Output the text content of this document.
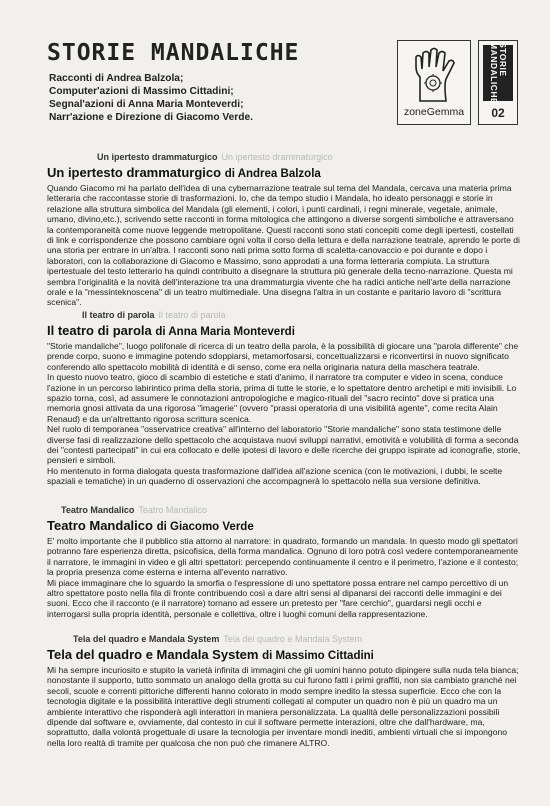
STORIE MANDALICHE
Racconti di Andrea Balzola;
Computer'azioni di Massimo Cittadini;
Segnal'azioni di Anna Maria Monteverdi;
Narr'azione e Direzione di Giacomo Verde.	zoneGemma
STORIE MANDALICHE
02
Un ipertesto drammaturgico Un ipertesto drammaturgico
Un ipertesto drammaturgico di Andrea Balzola

Quando Giacomo mi ha parlato dell'idea di una cybernarrazione teatrale sul tema del Mandala, cercava una materia prima letteraria che raccontasse storie di trasformazioni. Io, che da tempo studio i Mandala, ho ideato personaggi e storie in relazione alla struttura simbolica del Mandala (gli elementi, i colori, i punti cardinali, i regni minerale, vegetale, animale, umano, divino,etc.), scrivendo sette racconti in forma mitologica che attingono a diverse sorgenti simboliche e attraversano la contemporaneità come nuove leggende metropolitane. Questi racconti sono stati concepiti come degli ipertesti, costellati di link e corrispondenze che possono cambiare ogni volta il corso della lettura e della narrazione teatrale, aprendo le porte di una storia per entrare in un'altra. I racconti sono nati prima sotto forma di scaletta-canovaccio e poi durante e dopo i laboratori, con la collaborazione di Giacomo e Massimo, sono approdati a una forma letteraria compiuta. La struttura ipertestuale del testo letterario ha quindi contribuito a disegnare la struttura più generale della tecno-narrazione. Questa mi sembra l'originalità e la novità dell'interazione tra una drammaturgia vivente che ha radici antiche nell'arte della narrazione orale e la "messinteknoscena" di un teatro multimediale. Una disegna l'altra in un costante e paritario lavoro di "scrittura scenica".

Il teatro di parola Il teatro di parola
Il teatro di parola di Anna Maria Monteverdi

"Storie mandaliche", luogo polifonale di ricerca di un teatro della parola, è la possibilità di giocare una "parola differente" che prende corpo, suono e immagine potendo sdoppiarsi, metamorfosarsi, concettualizzarsi e riconvertirsi in nuovo significato conferendo allo spettacolo mobilità di identità e di senso, come era nella originaria natura della maschera teatrale.

In questo nuovo teatro, gioco di scambio di estetiche e stati d'animo, il narratore tra computer e video in scena, conduce l'azione in un percorso labirintico prima della storia, prima di tutte le storie, e lo spettatore dentro archetipi e miti invisibili. Lo spazio torna, così, ad assumere le connotazioni antropologiche e magico-rituali del "sacro recinto" dove si pratica una memoria gnosi attivata da una rigorosa "imagerie" (ovvero "prassi operatoria di una visibilità agente", come recita Alain Renaud) e da un'altrettanto rigorosa scrittura scenica.

Nel ruolo di temporanea "osservatrice creativa" all'interno del laboratorio "Storie mandaliche" sono stata testimone delle diverse fasi di realizzazione dello spettacolo che acquistava nuovi sviluppi narrativi, emotività e volubilità di forma a seconda dei "contesti partecipati" in cui era collocato e delle ipotesi di lavoro e delle ricerche dei gruppo ispirate ad iconografie, storie, pensieri e simboli.

Ho mentenuto in forma dialogata questa trasformazione dall'idea all'azione scenica (con le motivazioni, i dubbi, le scelte spaziali e tematiche) in un quaderno di osservazioni che accompagnerà lo spettacolo nella sua versione definitiva.

Teatro Mandalico Teatro Mandalico
Teatro Mandalico di Giacomo Verde

E' molto importante che il pubblico stia attorno al narratore: in quadrato, formando un mandala. In questo modo gli spettatori potranno fare esperienza diretta, psicofisica, della forma mandalica. Ognuno di loro potrà così vedere contemporaneamente il narratore, le immagini in video e gli altri spettatori: percependo continuamente il centro e il perimetro, l'azione e il contesto; la propria presenza come esterna e interna all'evento narrativo.

Mi piace immaginare che lo sguardo la smorfia o l'espressione di uno spettatore possa entrare nel campo percettivo di un altro spettatore posto nella fila di fronte contribuendo così a dare altri sensi al dipanarsi dei racconti delle immagini e dei suoni. Ecco che il racconto (e il narratore) tornano ad essere un pretesto per "fare cerchio", guardarsi negli occhi e interrogarsi sulla propria identità, personale e collettiva, oltre i luoghi comuni della rappresentazione.

Tela del quadro e Mandala System Tela del quadro e Mandala System
Tela del quadro e Mandala System di Massimo Cittadini

Mi ha sempre incuriosito e stupito la varietà infinita di immagini che gli uomini hanno potuto dipingere sulla nuda tela bianca; nonostante il supporto, tutto sommato un analogo della grotta su cui furono fatti i primi graffiti, non sia cambiato granché nei secoli, scuole e correnti pittoriche differenti hanno colorato in modo sempre inedito la stessa superficie. Ecco che con la tecnologia digitale e la possibilità interattive degli strumenti collegati al computer un quadro non è più un quadro ma un ambiente interattivo che risponderà agli interattori in maniera personalizzata. La qualità delle personalizzazioni possibili dipende dal software e, ovviamente, dal contesto in cui il software permette interazioni, oltre che dall'hardware, ma, soprattutto, dalla volontà progettuale di usare la tecnologia per inventare mondi inediti, ambienti virtuali che si impongono nella loro realtà di tramite per qualcosa che non può che rimanere ALTRO.
